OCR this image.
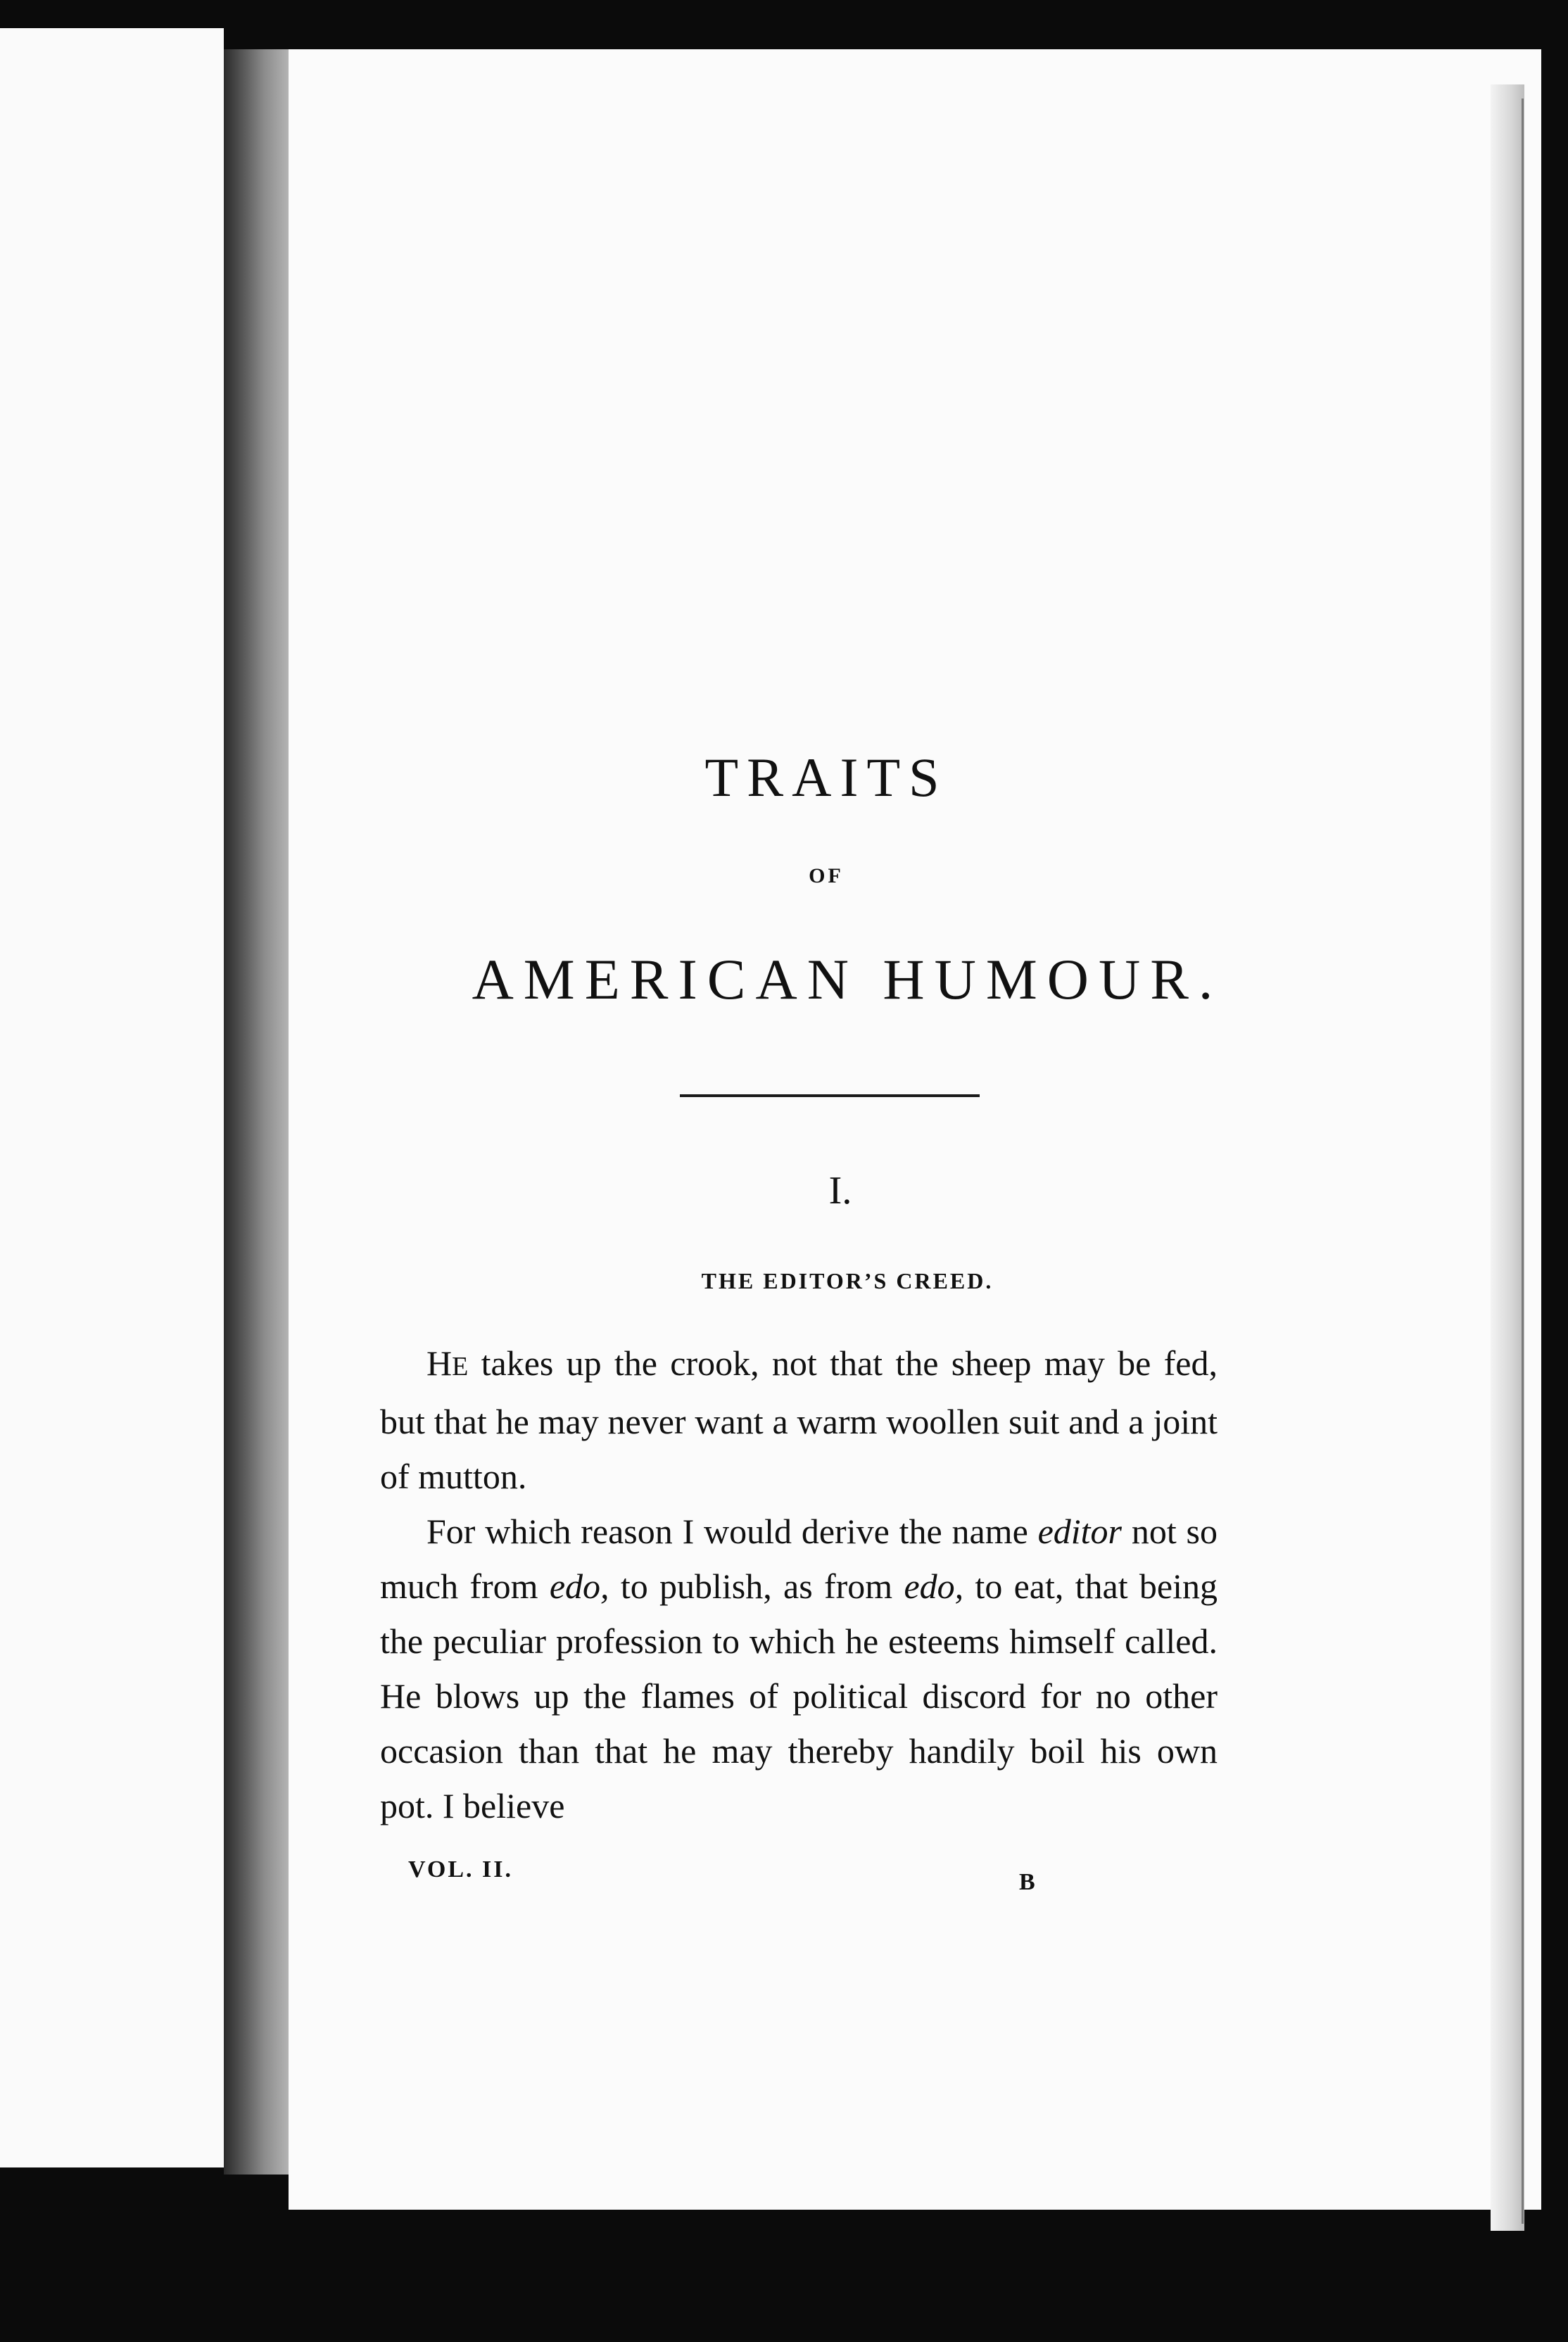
TRAITS
OF
AMERICAN HUMOUR.
I.
THE EDITOR’S CREED.

HE takes up the crook, not that the sheep may be fed, but that he may never want a warm woollen suit and a joint of mutton.

For which reason I would derive the name editor not so much from edo, to publish, as from edo, to eat, that being the peculiar profession to which he esteems himself called. He blows up the flames of political discord for no other occasion than that he may thereby handily boil his own pot. I believe

VOL. II.	B
